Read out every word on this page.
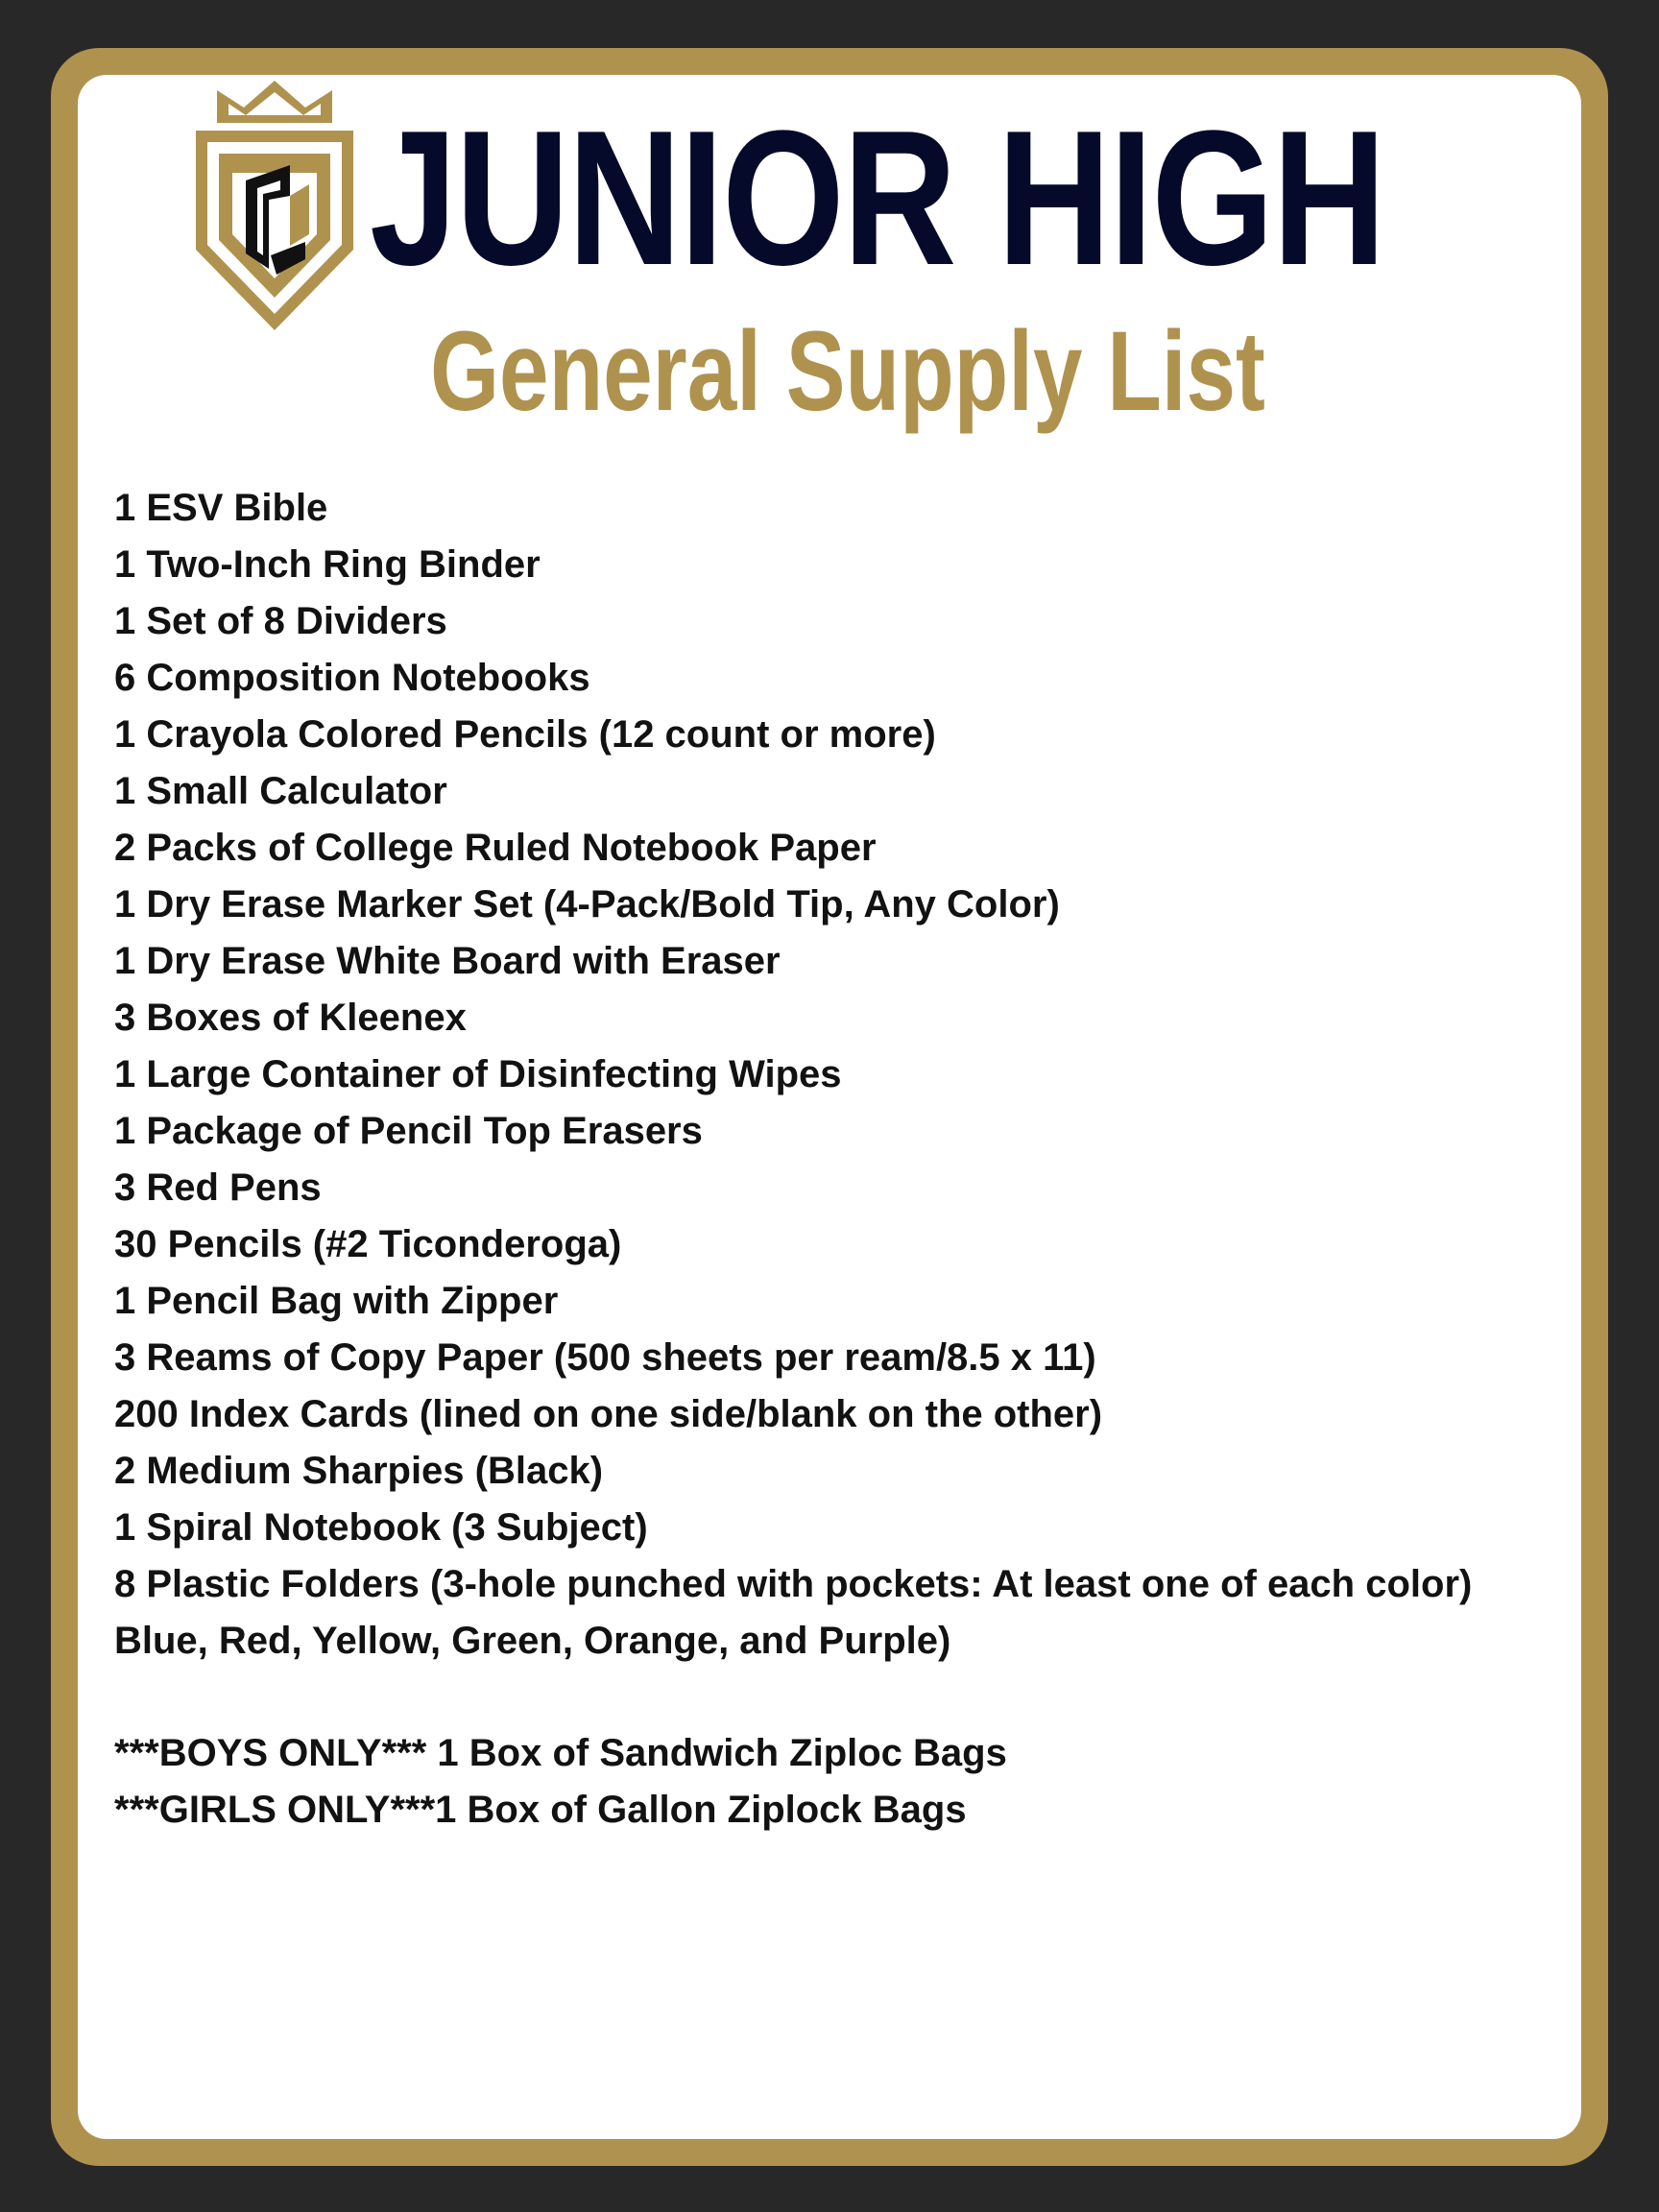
JUNIOR HIGH
General Supply List
1 ESV Bible
1 Two-Inch Ring Binder
1 Set of 8 Dividers
6 Composition Notebooks
1 Crayola Colored Pencils (12 count or more)
1 Small Calculator
2 Packs of College Ruled Notebook Paper
1 Dry Erase Marker Set (4-Pack/Bold Tip, Any Color)
1 Dry Erase White Board with Eraser
3 Boxes of Kleenex
1 Large Container of Disinfecting Wipes
1 Package of Pencil Top Erasers
3 Red Pens
30 Pencils (#2 Ticonderoga)
1 Pencil Bag with Zipper
3 Reams of Copy Paper (500 sheets per ream/8.5 x 11)
200 Index Cards (lined on one side/blank on the other)
2 Medium Sharpies (Black)
1 Spiral Notebook (3 Subject)
8 Plastic Folders (3-hole punched with pockets: At least one of each color)
Blue, Red, Yellow, Green, Orange, and Purple)
***BOYS ONLY*** 1 Box of Sandwich Ziploc Bags
***GIRLS ONLY***1 Box of Gallon Ziplock Bags
